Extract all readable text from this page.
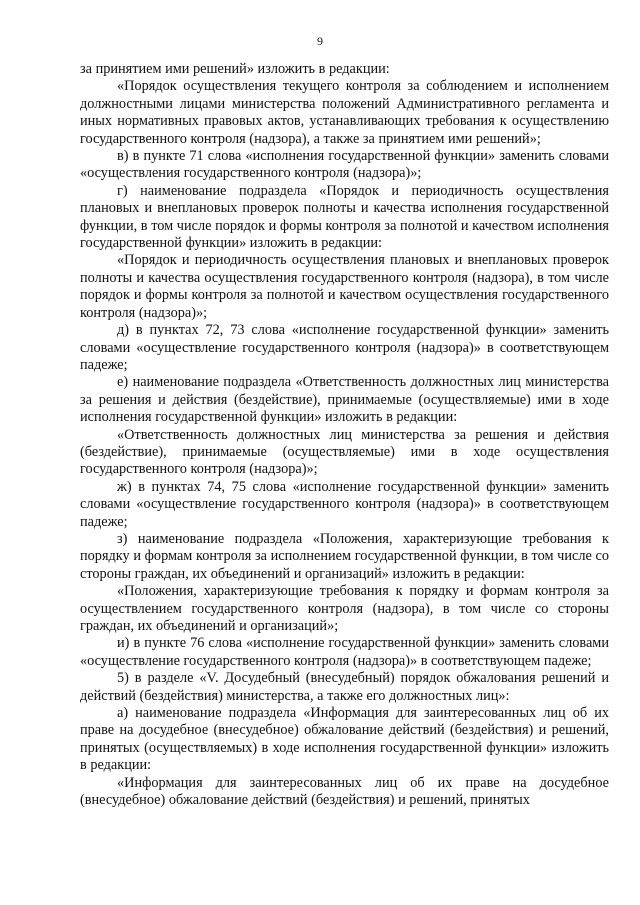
9

за принятием ими решений» изложить в редакции:

«Порядок осуществления текущего контроля за соблюдением и исполнением должностными лицами министерства положений Административного регламента и иных нормативных правовых актов, устанавливающих требования к осуществлению государственного контроля (надзора), а также за принятием ими решений»;

в) в пункте 71 слова «исполнения государственной функции» заменить словами «осуществления государственного контроля (надзора)»;

г) наименование подраздела «Порядок и периодичность осуществления плановых и внеплановых проверок полноты и качества исполнения государственной функции, в том числе порядок и формы контроля за полнотой и качеством исполнения государственной функции» изложить в редакции:

«Порядок и периодичность осуществления плановых и внеплановых проверок полноты и качества осуществления государственного контроля (надзора), в том числе порядок и формы контроля за полнотой и качеством осуществления государственного контроля (надзора)»;

д) в пунктах 72, 73 слова «исполнение государственной функции» заменить словами «осуществление государственного контроля (надзора)» в соответствующем падеже;

е) наименование подраздела «Ответственность должностных лиц министерства за решения и действия (бездействие), принимаемые (осуществляемые) ими в ходе исполнения государственной функции» изложить в редакции:

«Ответственность должностных лиц министерства за решения и действия (бездействие), принимаемые (осуществляемые) ими в ходе осуществления государственного контроля (надзора)»;

ж) в пунктах 74, 75 слова «исполнение государственной функции» заменить словами «осуществление государственного контроля (надзора)» в соответствующем падеже;

з) наименование подраздела «Положения, характеризующие требования к порядку и формам контроля за исполнением государственной функции, в том числе со стороны граждан, их объединений и организаций» изложить в редакции:

«Положения, характеризующие требования к порядку и формам контроля за осуществлением государственного контроля (надзора), в том числе со стороны граждан, их объединений и организаций»;

и) в пункте 76 слова «исполнение государственной функции» заменить словами «осуществление государственного контроля (надзора)» в соответствующем падеже;

5) в разделе «V. Досудебный (внесудебный) порядок обжалования решений и действий (бездействия) министерства, а также его должностных лиц»:

а) наименование подраздела «Информация для заинтересованных лиц об их праве на досудебное (внесудебное) обжалование действий (бездействия) и решений, принятых (осуществляемых) в ходе исполнения государственной функции» изложить в редакции:

«Информация для заинтересованных лиц об их праве на досудебное (внесудебное) обжалование действий (бездействия) и решений, принятых
